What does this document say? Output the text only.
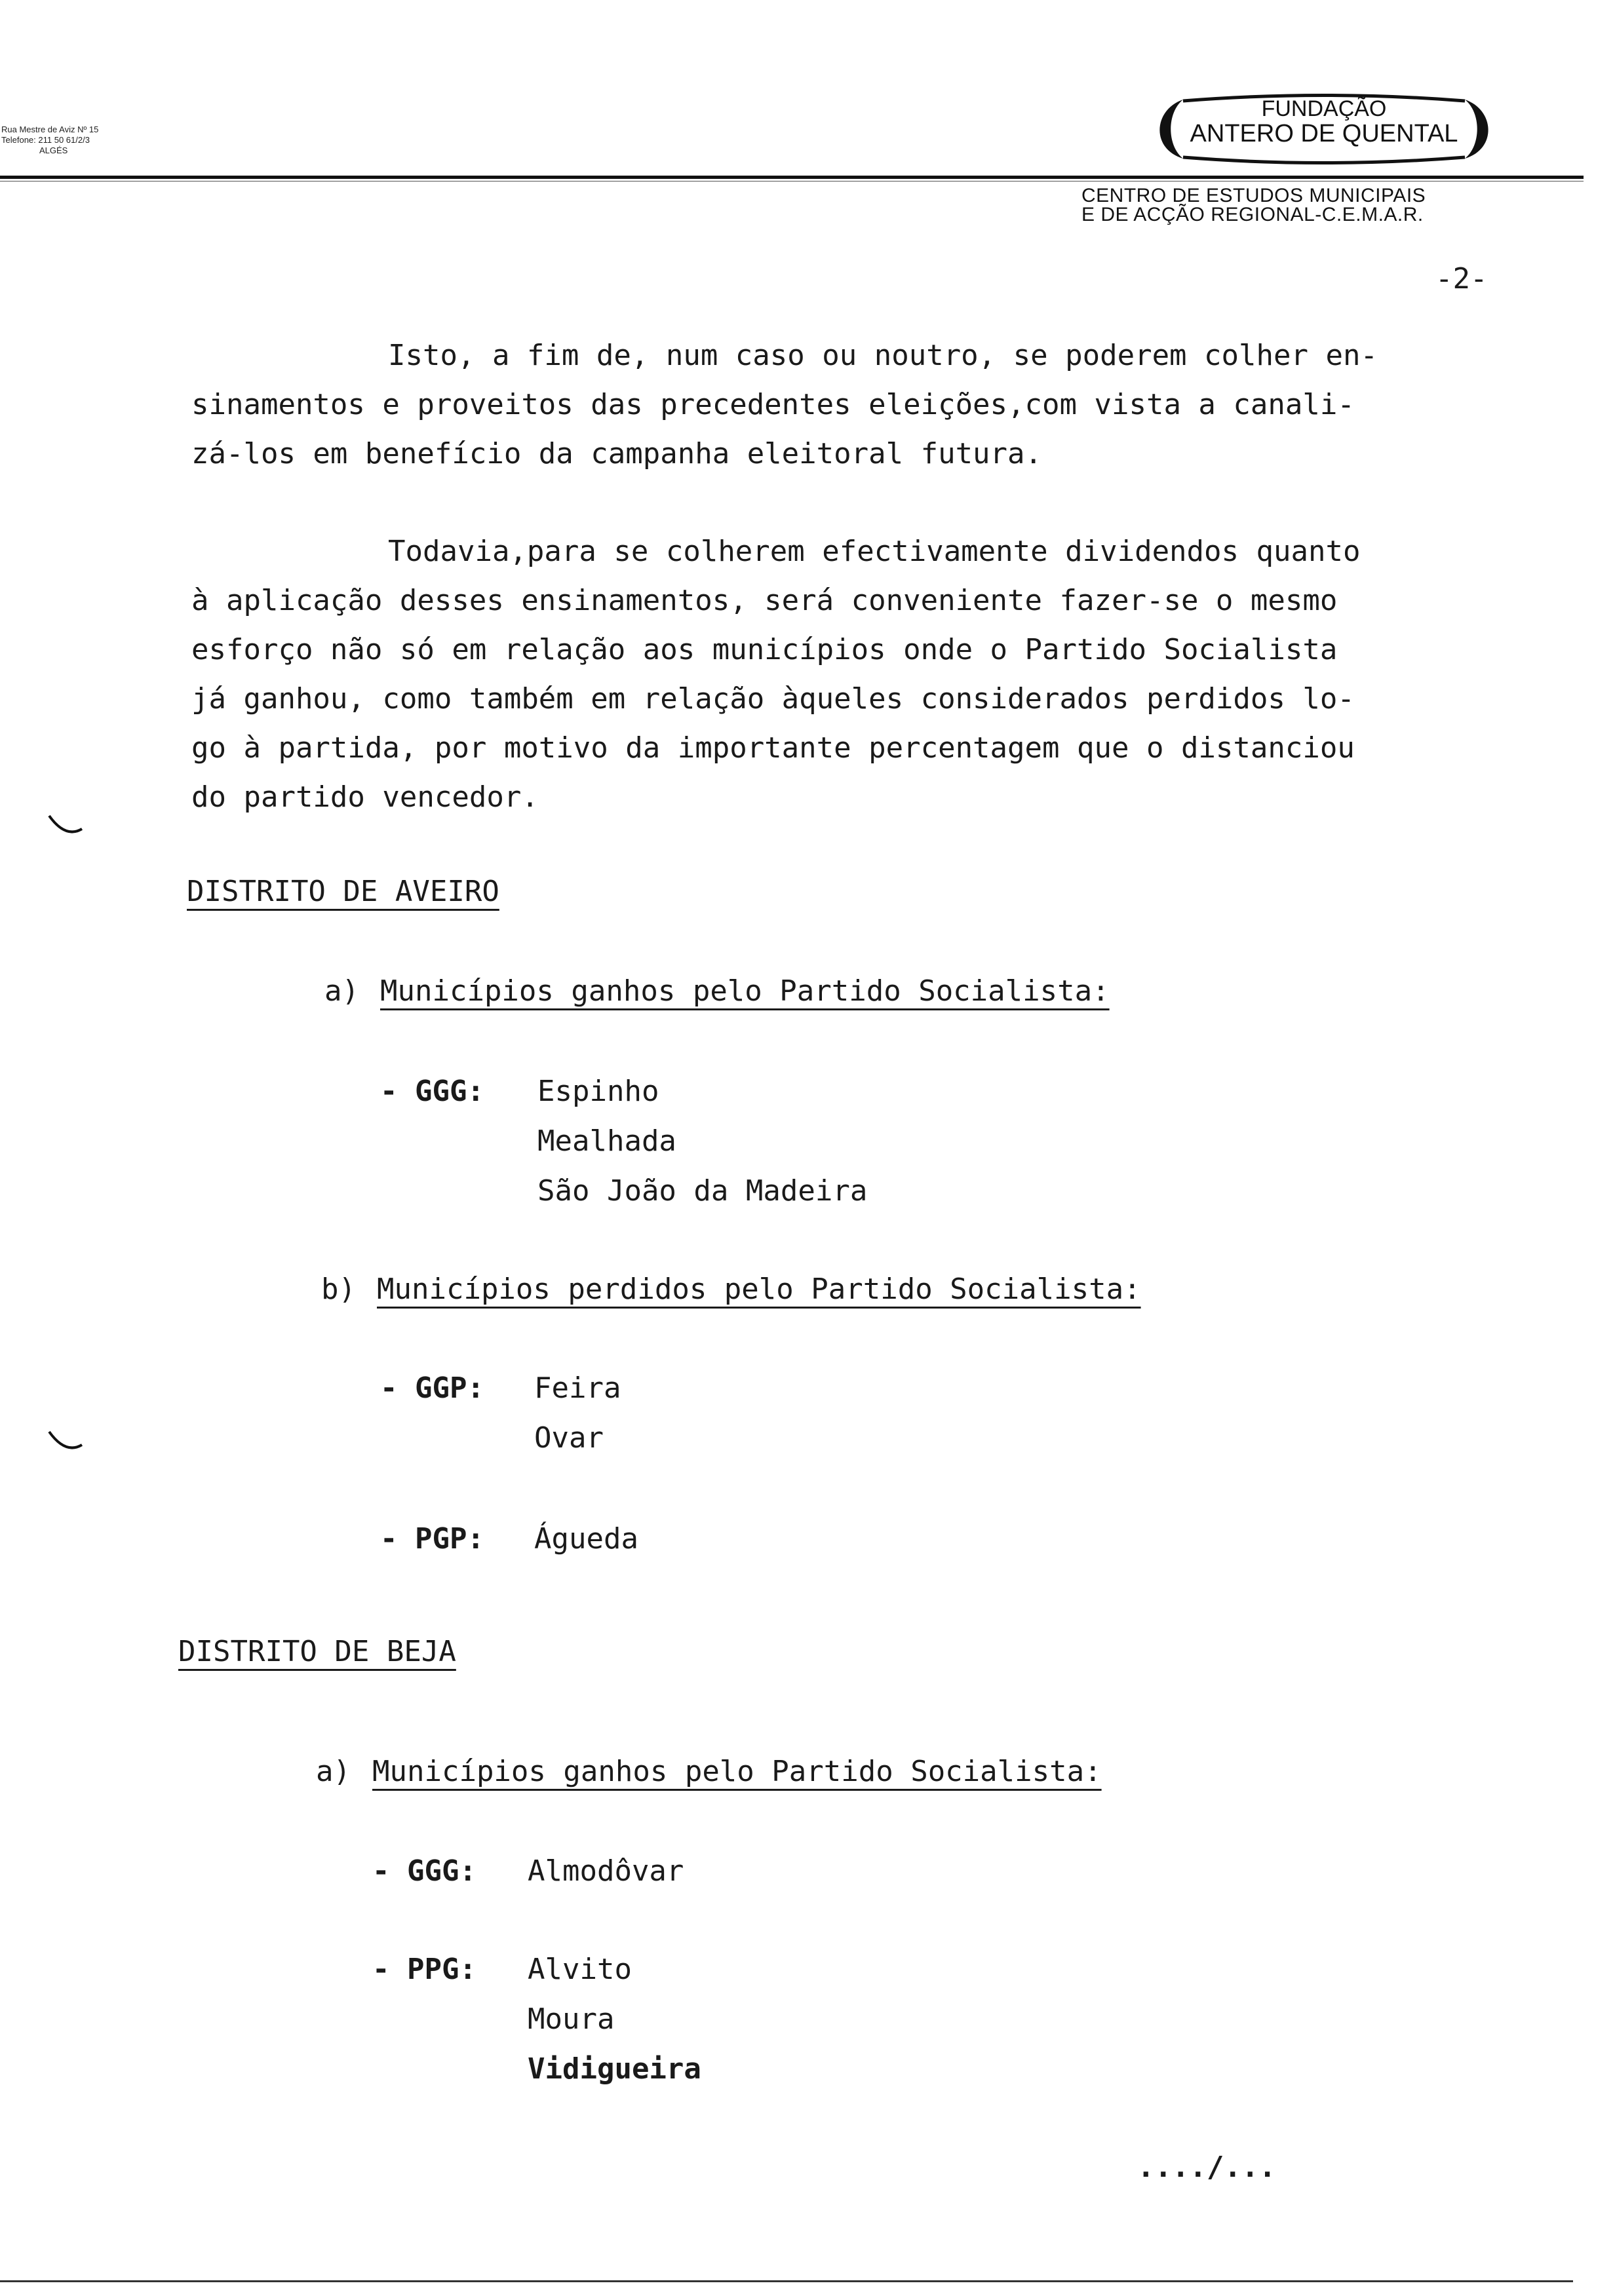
Rua Mestre de Aviz Nº 15
Telefone: 211 50 61/2/3
ALGÉS
FUNDAÇÃO
ANTERO DE QUENTAL
CENTRO DE ESTUDOS MUNICIPAIS
E DE ACÇÃO REGIONAL-C.E.M.A.R.
-2-
Isto, a fim de, num caso ou noutro, se poderem colher en-
sinamentos e proveitos das precedentes eleições,com vista a canali-
zá-los em benefício da campanha eleitoral futura.
Todavia,para se colherem efectivamente dividendos quanto
à aplicação desses ensinamentos, será conveniente fazer-se o mesmo
esforço não só em relação aos municípios onde o Partido Socialista
já ganhou, como também em relação àqueles considerados perdidos lo-
go à partida, por motivo da importante percentagem que o distanciou
do partido vencedor.
DISTRITO DE AVEIRO
a) Municípios ganhos pelo Partido Socialista:
- GGG: Espinho
Mealhada
São João da Madeira
b) Municípios perdidos pelo Partido Socialista:
- GGP: Feira
Ovar
- PGP: Águeda
DISTRITO DE BEJA
a) Municípios ganhos pelo Partido Socialista:
- GGG: Almodôvar
- PPG: Alvito
Moura
Vidigueira
..../...
